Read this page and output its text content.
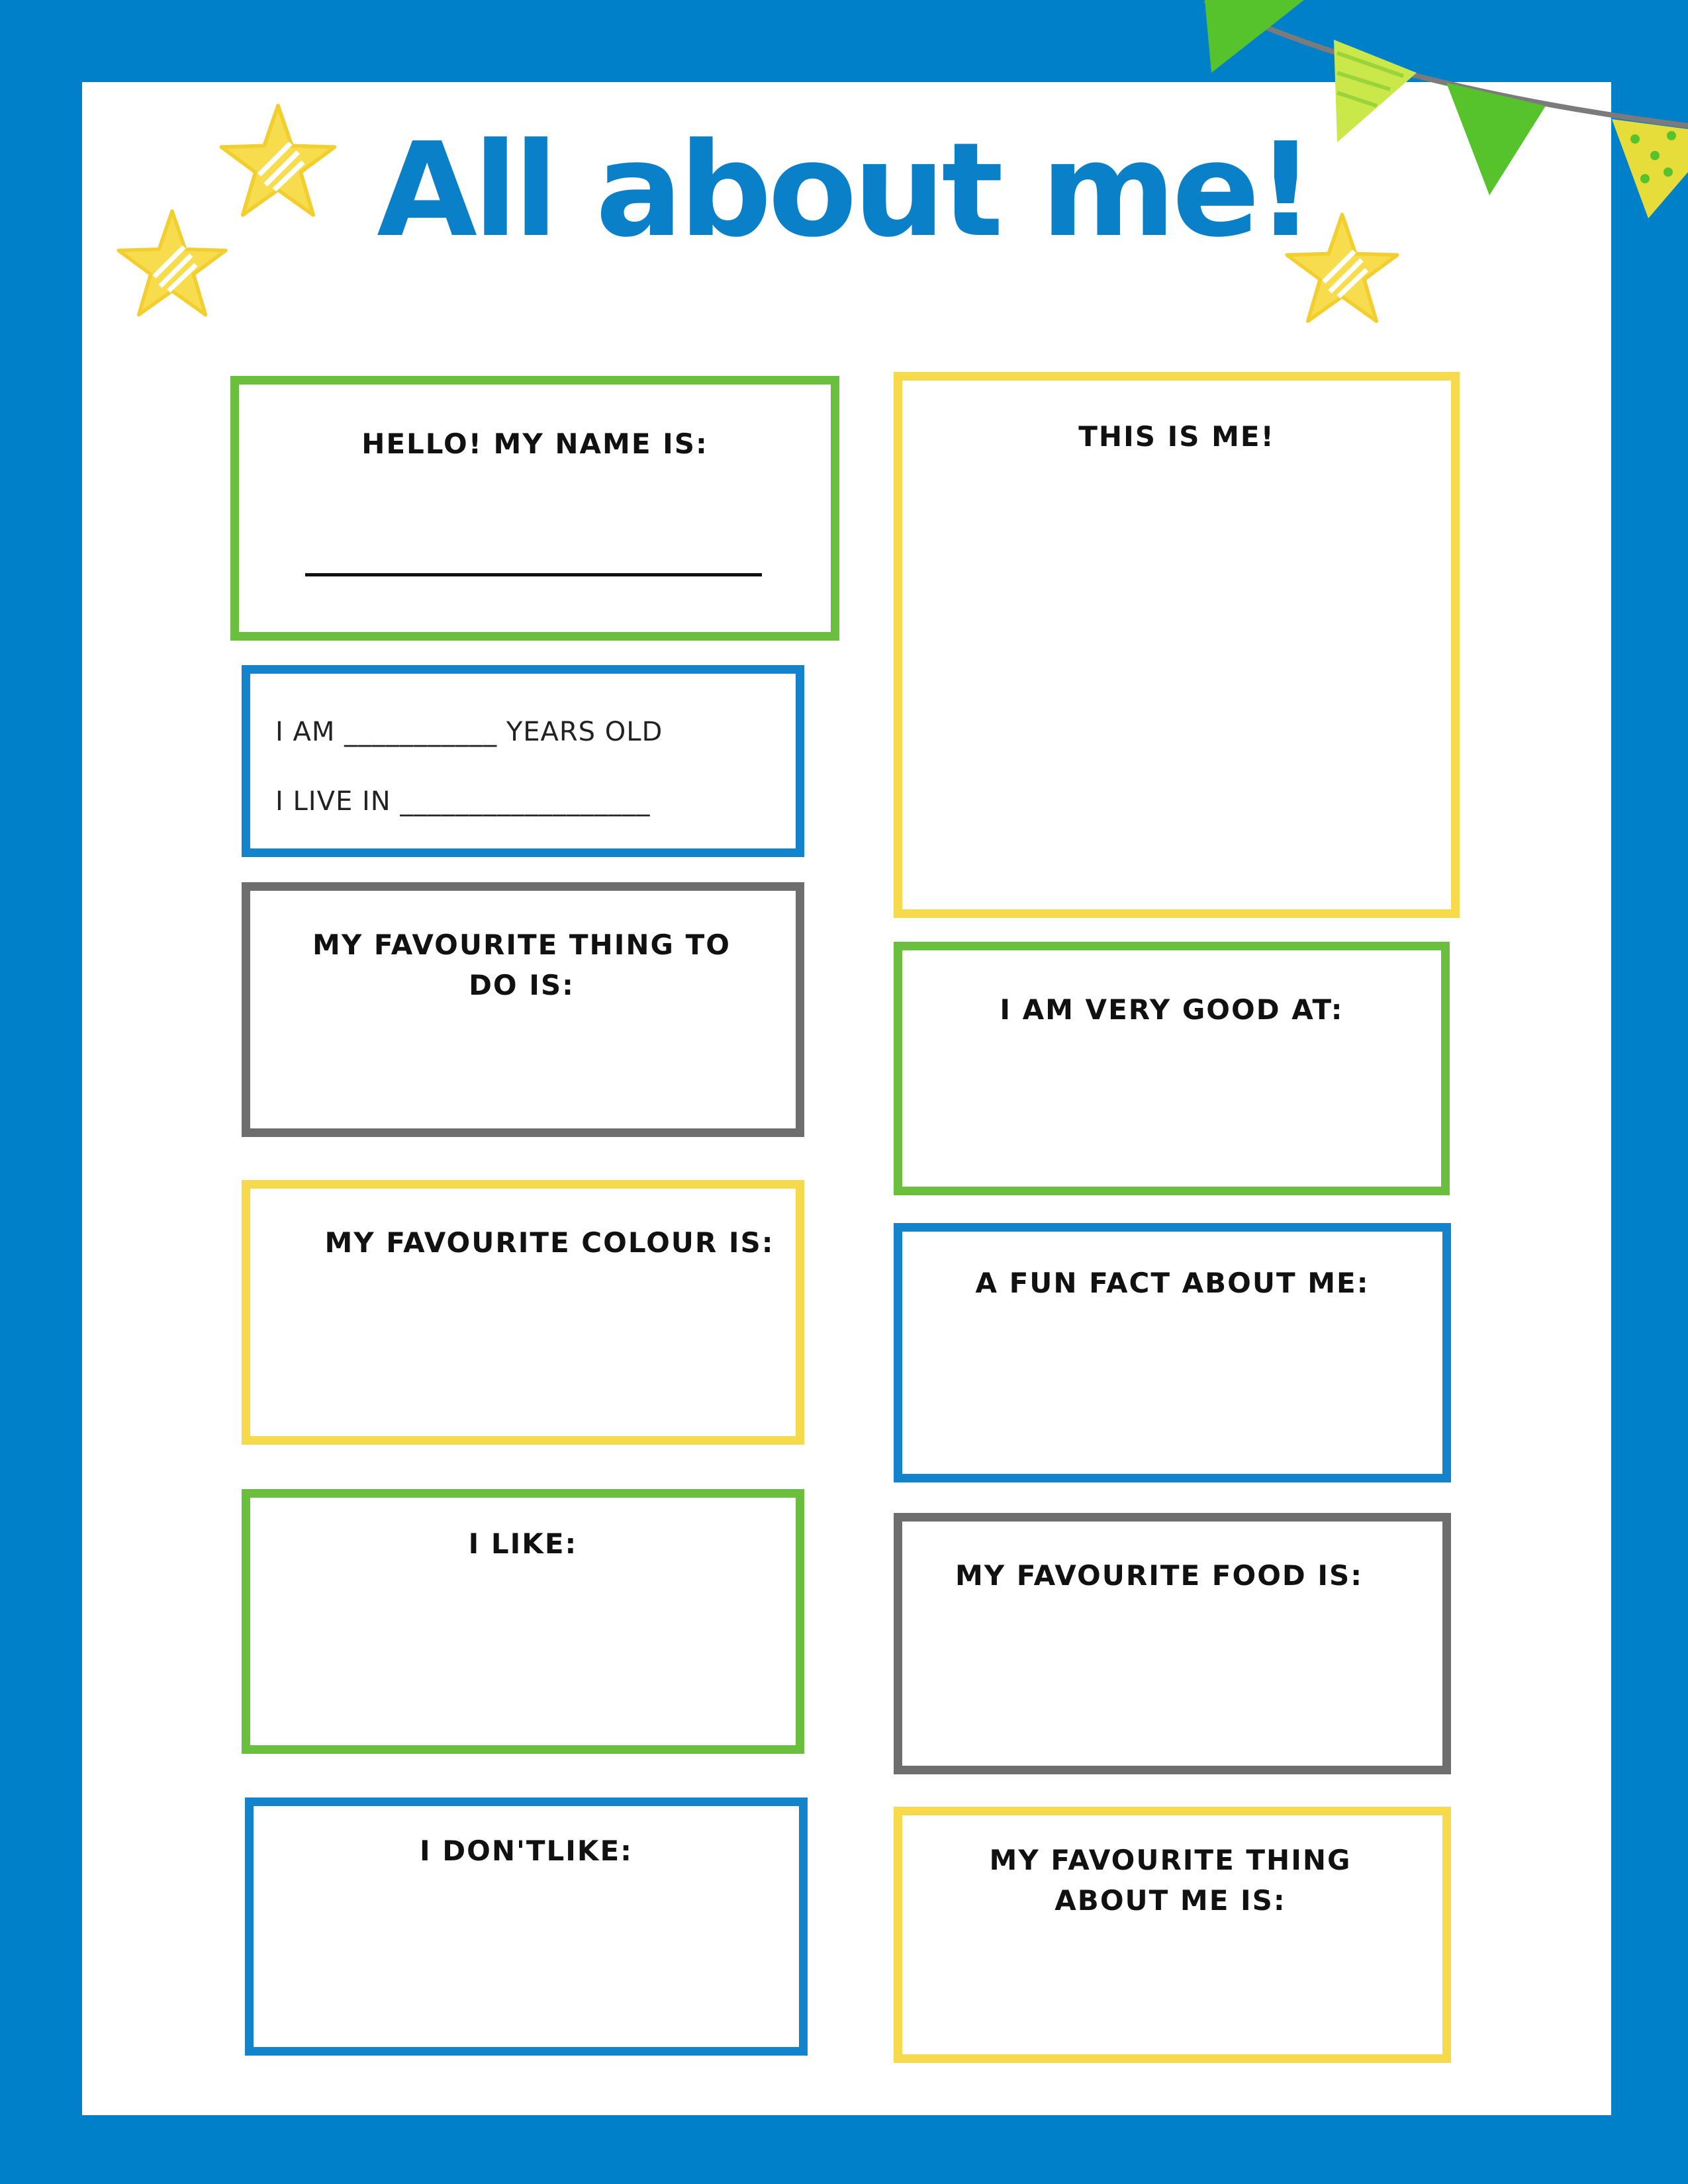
All about me!
HELLO! MY NAME IS:
I AM ___________ YEARS OLD
I LIVE IN __________________
MY FAVOURITE THING TO DO IS:
MY FAVOURITE COLOUR IS:
I LIKE:
I DON'TLIKE:
THIS IS ME!
I AM VERY GOOD AT:
A FUN FACT ABOUT ME:
MY FAVOURITE FOOD IS:
MY FAVOURITE THING ABOUT ME IS:
